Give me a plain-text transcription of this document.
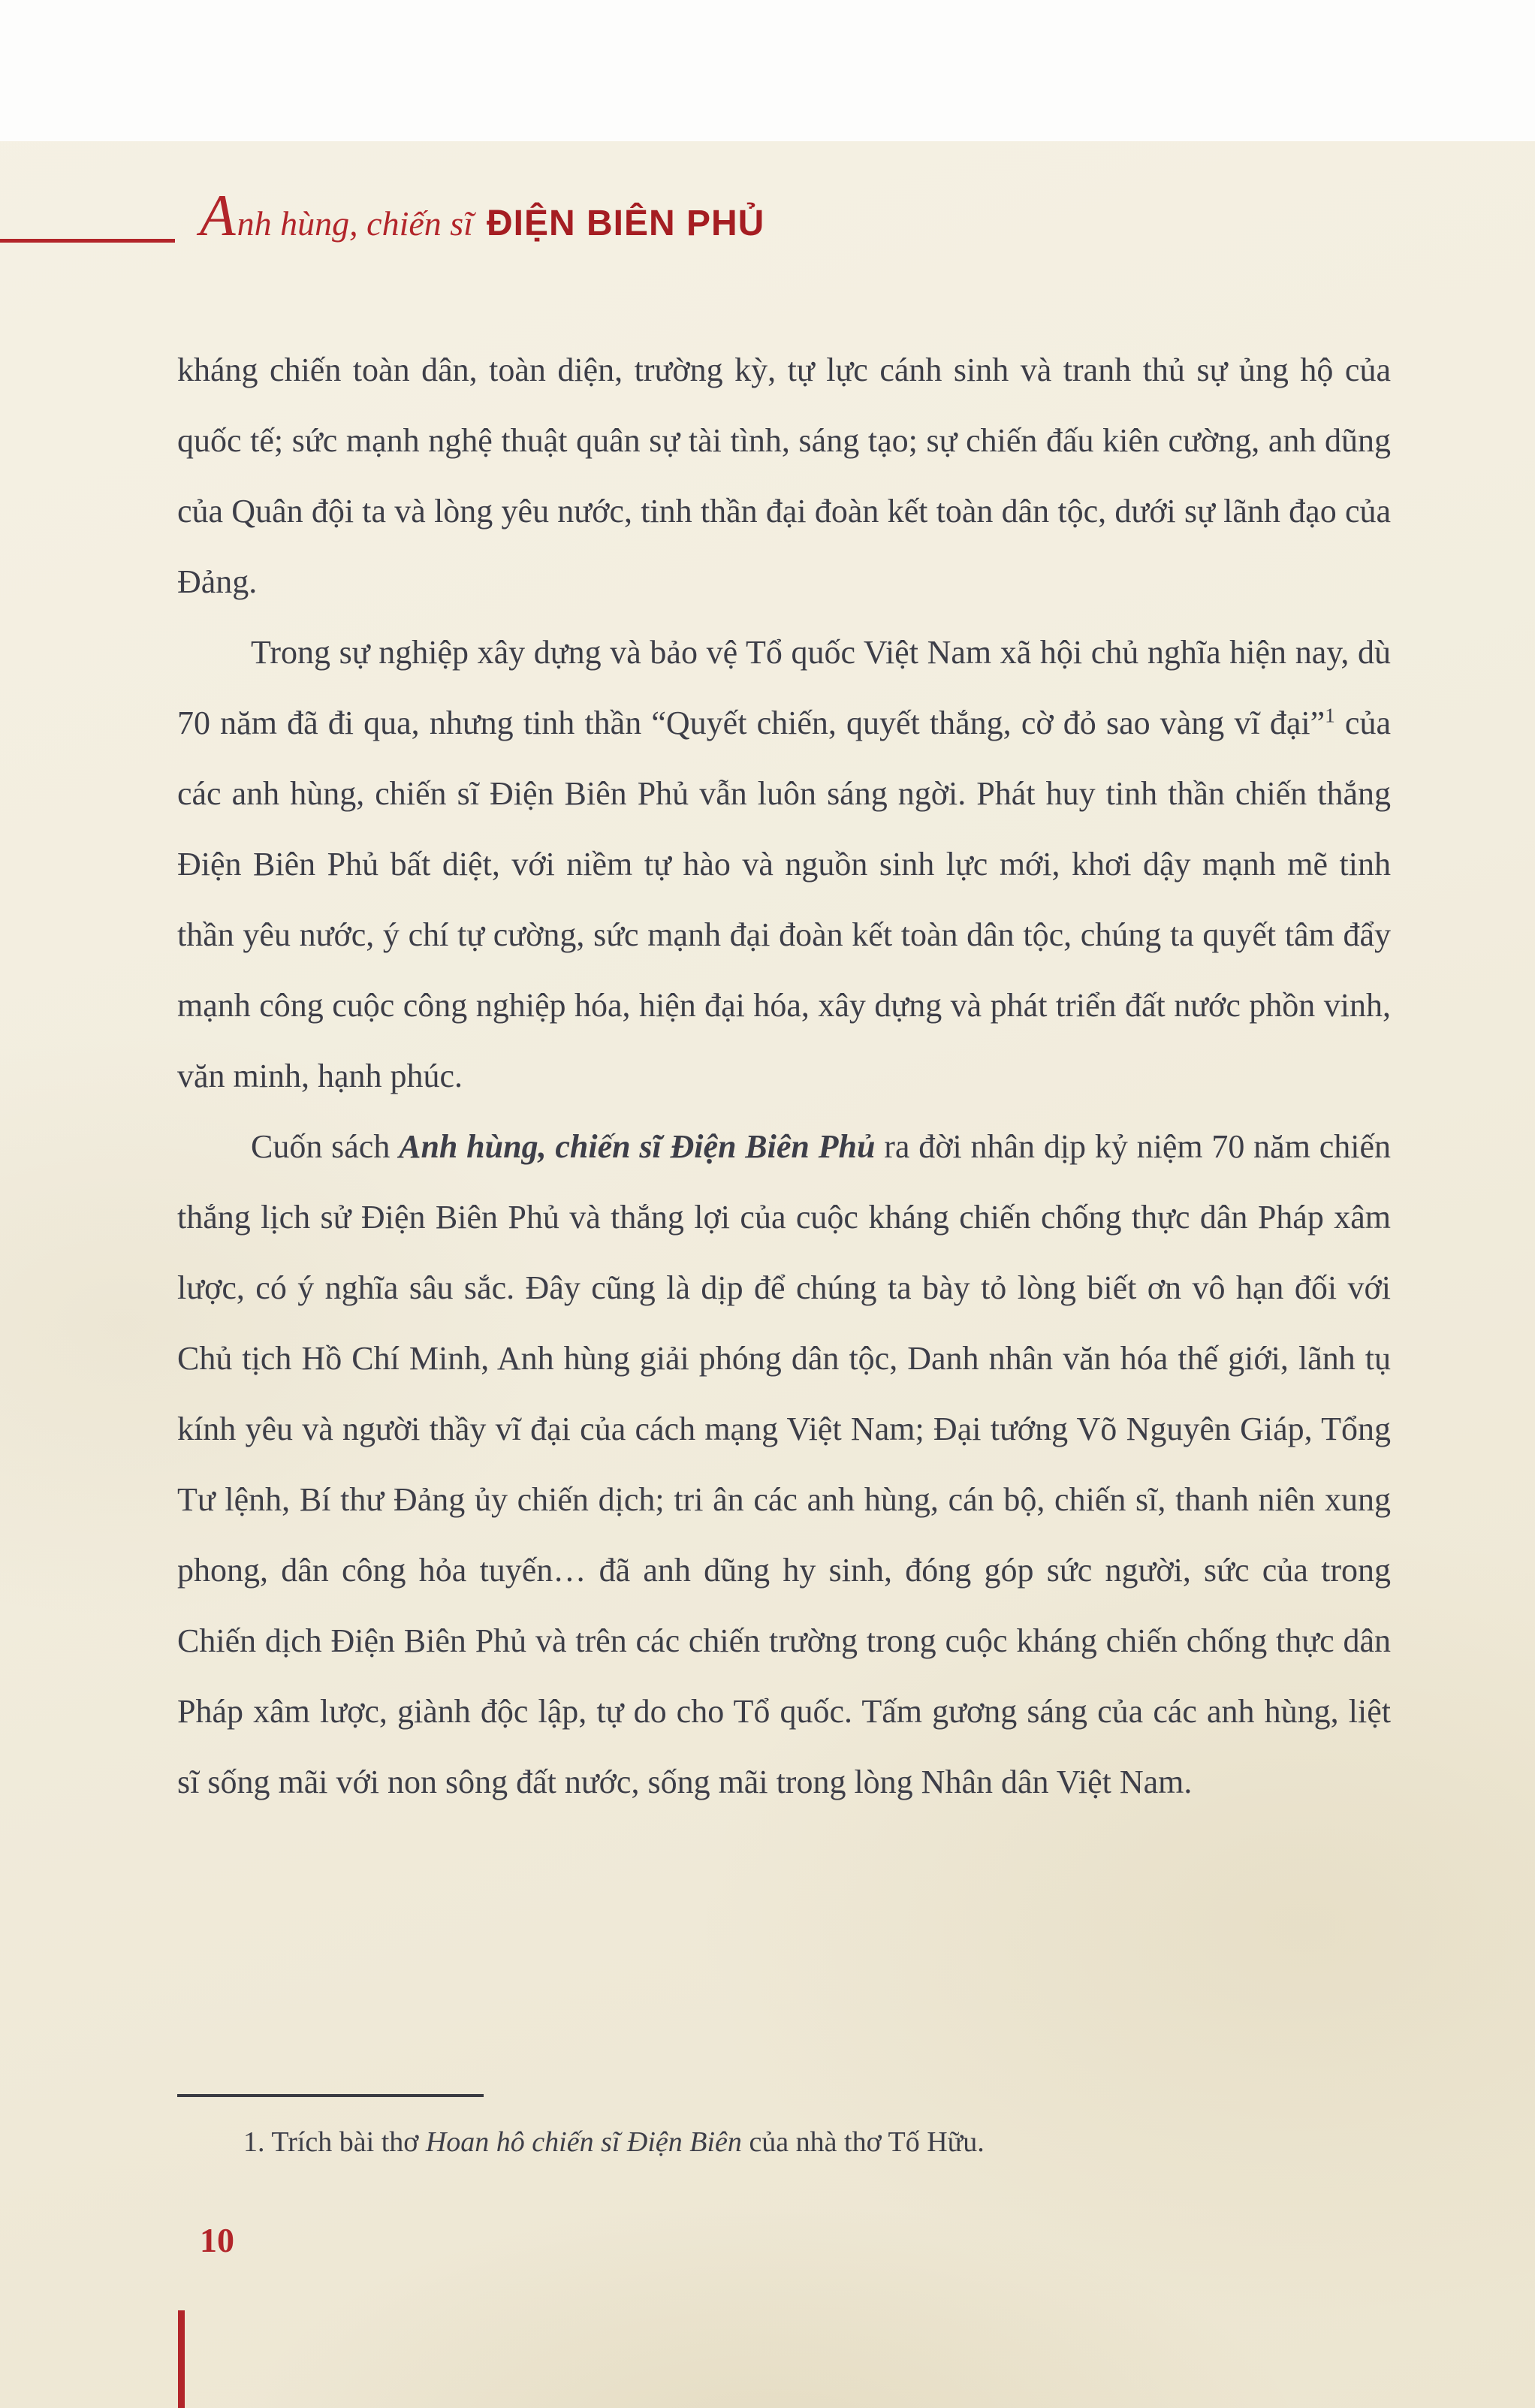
A nh hùng, chiến sĩ ĐIỆN BIÊN PHỦ

kháng chiến toàn dân, toàn diện, trường kỳ, tự lực cánh sinh và tranh thủ sự ủng hộ của quốc tế; sức mạnh nghệ thuật quân sự tài tình, sáng tạo; sự chiến đấu kiên cường, anh dũng của Quân đội ta và lòng yêu nước, tinh thần đại đoàn kết toàn dân tộc, dưới sự lãnh đạo của Đảng.

Trong sự nghiệp xây dựng và bảo vệ Tổ quốc Việt Nam xã hội chủ nghĩa hiện nay, dù 70 năm đã đi qua, nhưng tinh thần “Quyết chiến, quyết thắng, cờ đỏ sao vàng vĩ đại”$^1$ của các anh hùng, chiến sĩ Điện Biên Phủ vẫn luôn sáng ngời. Phát huy tinh thần chiến thắng Điện Biên Phủ bất diệt, với niềm tự hào và nguồn sinh lực mới, khơi dậy mạnh mẽ tinh thần yêu nước, ý chí tự cường, sức mạnh đại đoàn kết toàn dân tộc, chúng ta quyết tâm đẩy mạnh công cuộc công nghiệp hóa, hiện đại hóa, xây dựng và phát triển đất nước phồn vinh, văn minh, hạnh phúc.

Cuốn sách Anh hùng, chiến sĩ Điện Biên Phủ ra đời nhân dịp kỷ niệm 70 năm chiến thắng lịch sử Điện Biên Phủ và thắng lợi của cuộc kháng chiến chống thực dân Pháp xâm lược, có ý nghĩa sâu sắc. Đây cũng là dịp để chúng ta bày tỏ lòng biết ơn vô hạn đối với Chủ tịch Hồ Chí Minh, Anh hùng giải phóng dân tộc, Danh nhân văn hóa thế giới, lãnh tụ kính yêu và người thầy vĩ đại của cách mạng Việt Nam; Đại tướng Võ Nguyên Giáp, Tổng Tư lệnh, Bí thư Đảng ủy chiến dịch; tri ân các anh hùng, cán bộ, chiến sĩ, thanh niên xung phong, dân công hỏa tuyến… đã anh dũng hy sinh, đóng góp sức người, sức của trong Chiến dịch Điện Biên Phủ và trên các chiến trường trong cuộc kháng chiến chống thực dân Pháp xâm lược, giành độc lập, tự do cho Tổ quốc. Tấm gương sáng của các anh hùng, liệt sĩ sống mãi với non sông đất nước, sống mãi trong lòng Nhân dân Việt Nam.

1. Trích bài thơ Hoan hô chiến sĩ Điện Biên của nhà thơ Tố Hữu.

10
